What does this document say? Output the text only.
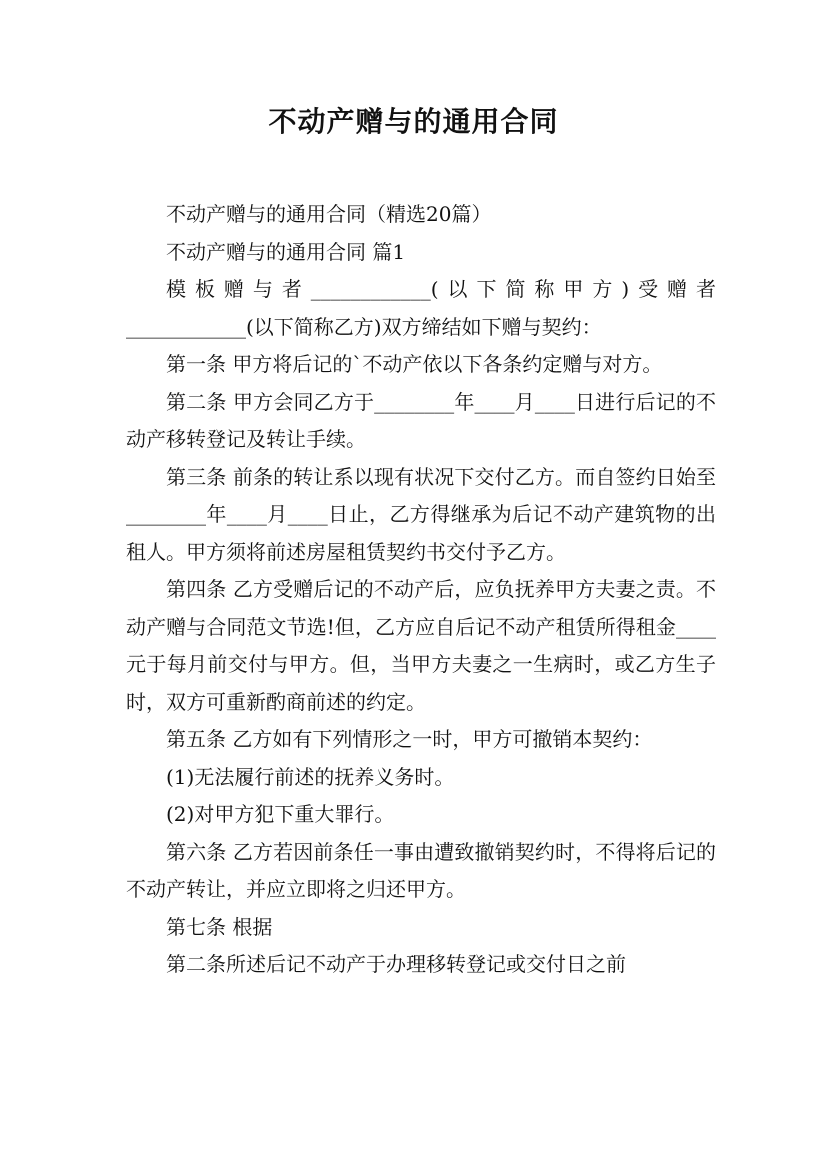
不动产赠与的通用合同

不动产赠与的通用合同（精选20篇）

不动产赠与的通用合同 篇1

模板赠与者____________(以下简称甲方)受赠者____________(以下简称乙方)双方缔结如下赠与契约：

第一条 甲方将后记的`不动产依以下各条约定赠与对方。

第二条 甲方会同乙方于________年____月____日进行后记的不动产移转登记及转让手续。

第三条 前条的转让系以现有状况下交付乙方。而自签约日始至________年____月____日止，乙方得继承为后记不动产建筑物的出租人。甲方须将前述房屋租赁契约书交付予乙方。

第四条 乙方受赠后记的不动产后，应负抚养甲方夫妻之责。不动产赠与合同范文节选!但，乙方应自后记不动产租赁所得租金____元于每月前交付与甲方。但，当甲方夫妻之一生病时，或乙方生子时，双方可重新酌商前述的约定。

第五条 乙方如有下列情形之一时，甲方可撤销本契约：

(1)无法履行前述的抚养义务时。

(2)对甲方犯下重大罪行。

第六条 乙方若因前条任一事由遭致撤销契约时，不得将后记的不动产转让，并应立即将之归还甲方。

第七条 根据

第二条所述后记不动产于办理移转登记或交付日之前
